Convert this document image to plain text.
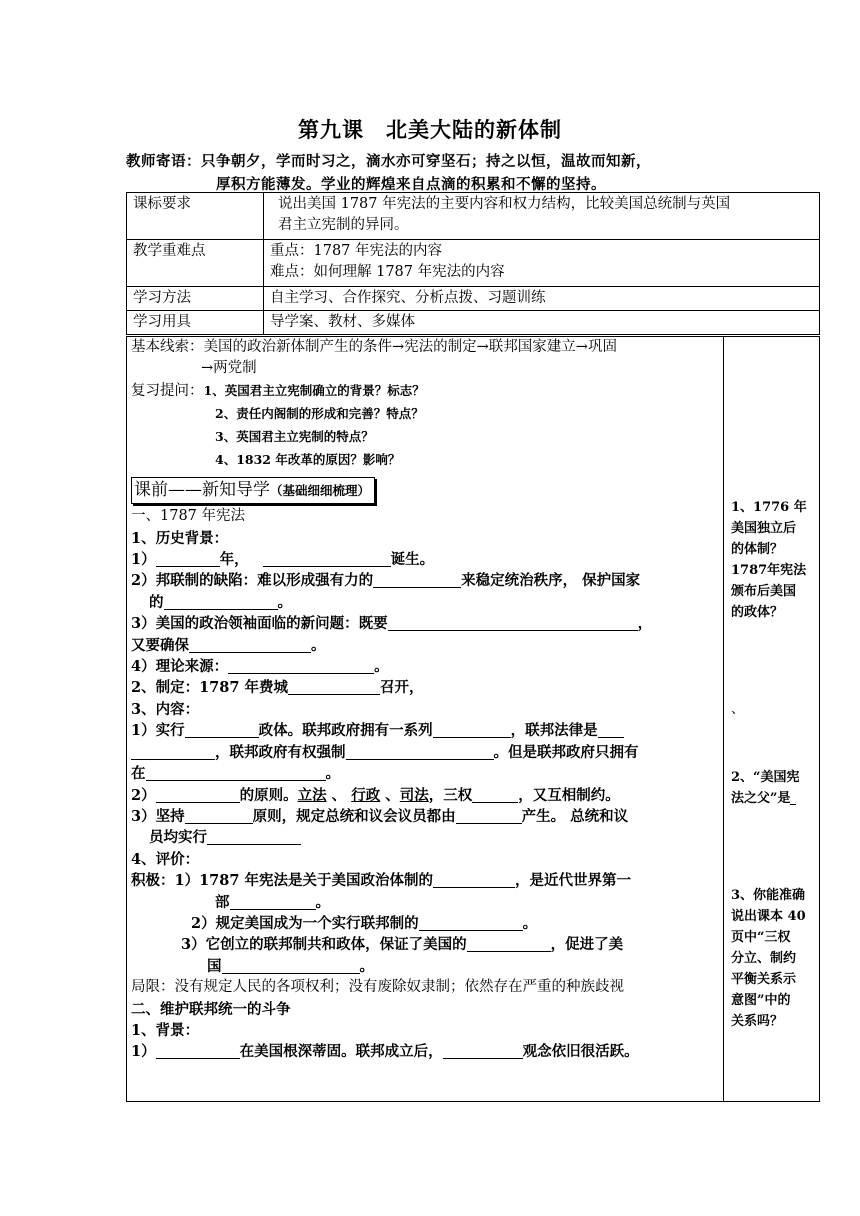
第九课　北美大陆的新体制
教师寄语：只争朝夕，学而时习之，滴水亦可穿坚石；持之以恒，温故而知新，
厚积方能薄发。学业的辉煌来自点滴的积累和不懈的坚持。
课标要求	说出美国 1787 年宪法的主要内容和权力结构，比较美国总统制与英国
君主立宪制的异同。

教学重难点	重点：1787 年宪法的内容
难点：如何理解 1787 年宪法的内容

学习方法	自主学习、合作探究、分析点拨、习题训练

学习用具	导学案、教材、多媒体
基本线索：美国的政治新体制产生的条件→宪法的制定→联邦国家建立→巩固
→两党制
复习提问：1、英国君主立宪制确立的背景？标志？
2、责任内阁制的形成和完善？特点？
3、英国君主立宪制的特点？
4、1832 年改革的原因？影响？
课前——新知导学（基础细细梳理）
一、1787 年宪法
1、历史背景：
1）	年，	诞生。
2）邦联制的缺陷：难以形成强有力的	来稳定统治秩序， 保护国家
的	。
3）美国的政治领袖面临的新问题：既要	，
又要确保	。
4）理论来源：	。
2、制定：1787 年费城	召开，
3、内容：
1）实行	政体。联邦政府拥有一系列	，联邦法律是
，联邦政府有权强制	。但是联邦政府只拥有
在	。
2）	的原则。立法 、 行政 、司法，三权	，又互相制约。
3）坚持	原则，规定总统和议会议员都由	产生。 总统和议
员均实行
4、评价：
积极：1）1787 年宪法是关于美国政治体制的	，是近代世界第一
部	。
2）规定美国成为一个实行联邦制的	。
3）它创立的联邦制共和政体，保证了美国的	，促进了美
国	。
局限：没有规定人民的各项权利；没有废除奴隶制；依然存在严重的种族歧视
二、维护联邦统一的斗争
1、背景：
1）	在美国根深蒂固。联邦成立后，	观念依旧很活跃。
1、1776 年
美国独立后
的体制？
1787年宪法
颁布后美国
的政体？
、
2、“美国宪
法之父”是
3、你能准确
说出课本 40
页中“三权
分立、制约
平衡关系示
意图”中的
关系吗？
